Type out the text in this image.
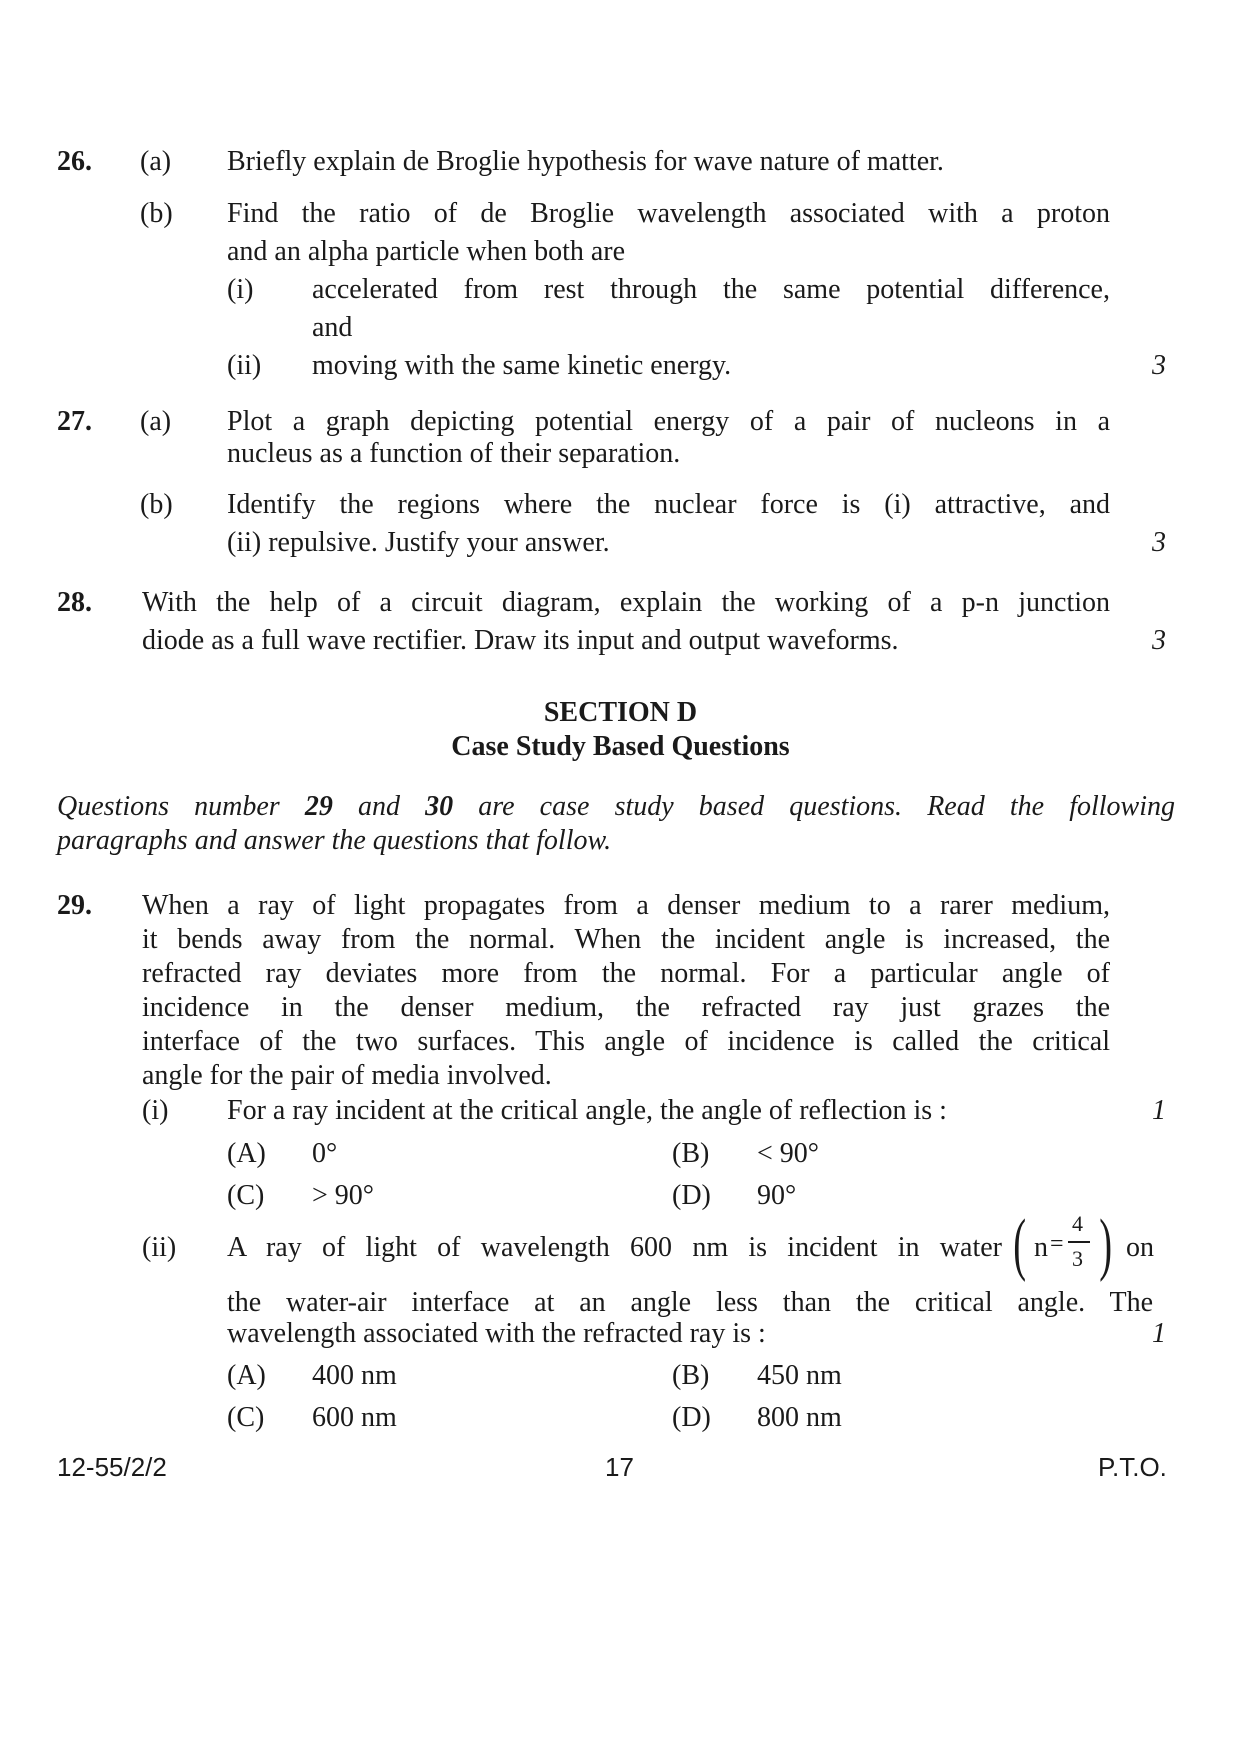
26. (a) Briefly explain de Broglie hypothesis for wave nature of matter.
(b) Find the ratio of de Broglie wavelength associated with a proton
and an alpha particle when both are
(i) accelerated from rest through the same potential difference,
and
(ii) moving with the same kinetic energy.	3
27. (a) Plot a graph depicting potential energy of a pair of nucleons in a
nucleus as a function of their separation.
(b) Identify the regions where the nuclear force is (i) attractive, and
(ii) repulsive. Justify your answer.	3
28. With the help of a circuit diagram, explain the working of a p-n junction
diode as a full wave rectifier. Draw its input and output waveforms.	3
SECTION D
Case Study Based Questions
Questions number 29 and 30 are case study based questions. Read the following
paragraphs and answer the questions that follow.
29. When a ray of light propagates from a denser medium to a rarer medium,
it bends away from the normal. When the incident angle is increased, the
refracted ray deviates more from the normal. For a particular angle of
incidence in the denser medium, the refracted ray just grazes the
interface of the two surfaces. This angle of incidence is called the critical
angle for the pair of media involved.
(i) For a ray incident at the critical angle, the angle of reflection is :	1
(A) 0°	(B) < 90°
(C) > 90°	(D) 90°
(ii) A ray of light of wavelength 600 nm is incident in water ( n =
4
3 ) on
the water-air interface at an angle less than the critical angle. The
wavelength associated with the refracted ray is :	1
(A) 400 nm	(B) 450 nm
(C) 600 nm	(D) 800 nm
12-55/2/2	17	P.T.O.
